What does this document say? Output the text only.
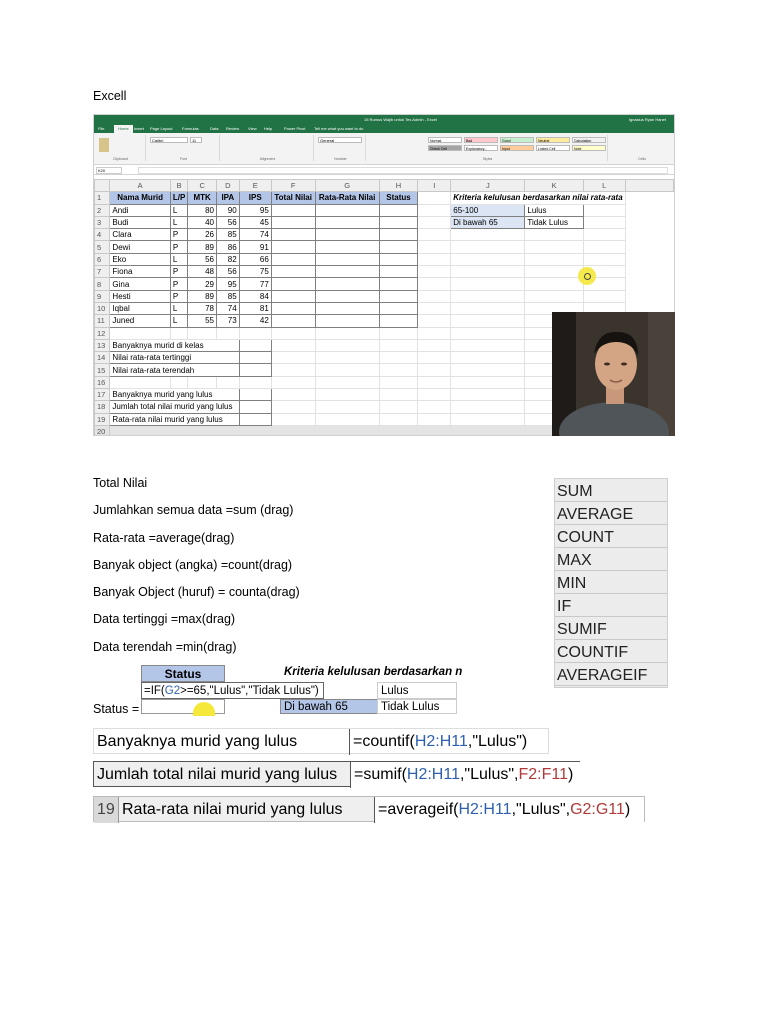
Excell
15 Rumus Wajib untuk Tes Admin - Excel	Ignasius Ryan Hanet
File	Home	Insert Page Layout Formulas	Data Review View Help	Power Pivot Tell me what you want to do
Clipboard
Calibri	11
Font	Alignment
General
Number
Normal	Bad	Good	Neutral	Calculation
Check Cell	Explanatory...	Input	Linked Cell	Note
Styles	Cells
K20
	A	B	C	D	E	F	G	H	I	J	K	L	
1	Nama Murid	L/P	MTK	IPA	IPS	Total Nilai	Rata-Rata Nilai	Status		Kriteria kelulusan berdasarkan nilai rata-rata			
2	Andi	L	80	90	95					65-100	Lulus		
3	Budi	L	40	56	45					Di bawah 65	Tidak Lulus		
4	Clara	P	26	85	74								
5	Dewi	P	89	86	91								
6	Eko	L	56	82	66								
7	Fiona	P	48	56	75								
8	Gina	P	29	95	77								
9	Hesti	P	89	85	84								
10	Iqbal	L	78	74	81								
11	Juned	L	55	73	42								
12													
13	Banyaknya murid di kelas												
14	Nilai rata-rata tertinggi												
15	Nilai rata-rata terendah												
16													
17	Banyaknya murid yang lulus												
18	Jumlah total nilai murid yang lulus												
19	Rata-rata nilai murid yang lulus												
20													
Total Nilai
Jumlahkan semua data =sum (drag)
Rata-rata =average(drag)
Banyak object (angka) =count(drag)
Banyak Object (huruf) = counta(drag)
Data tertinggi =max(drag)
Data terendah =min(drag)
SUM
AVERAGE
COUNT
MAX
MIN
IF
SUMIF
COUNTIF
AVERAGEIF
Status =
Status	Kriteria kelulusan berdasarkan n
=IF(G2>=65,"Lulus","Tidak Lulus")	Lulus
Di bawah 65	Tidak Lulus
Banyaknya murid yang lulus	=countif(H2:H11,"Lulus")
Jumlah total nilai murid yang lulus	=sumif(H2:H11,"Lulus",F2:F11)
19 Rata-rata nilai murid yang lulus	=averageif(H2:H11,"Lulus",G2:G11)
